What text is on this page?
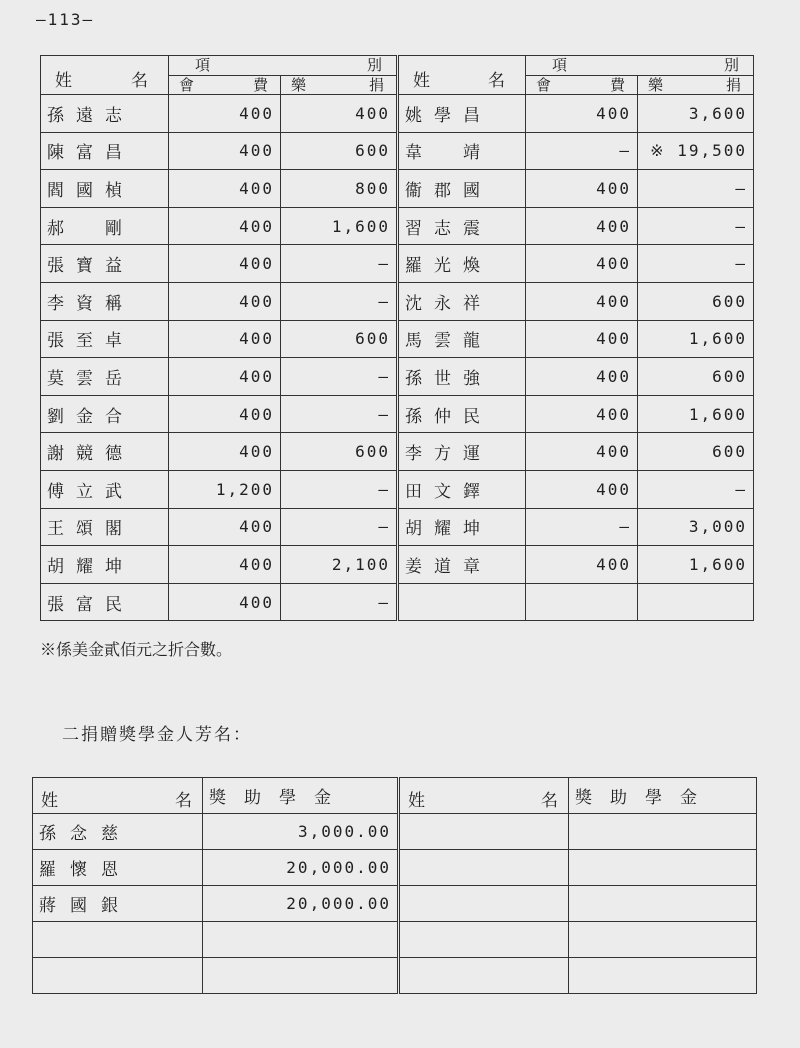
—113—
姓 名	項 別		姓 名	項 別	

	會 費	樂 捐		會 費	樂 捐

孫遠志	400	400	姚學昌	400	3,600
陳富昌	400	600	韋　靖	—	※ 19,500
閻國楨	400	800	衞郡國	400	—
郝　剛	400	1,600	習志震	400	—
張寶益	400	—	羅光煥	400	—
李資稱	400	—	沈永祥	400	600
張至卓	400	600	馬雲龍	400	1,600
莫雲岳	400	—	孫世強	400	600
劉金合	400	—	孫仲民	400	1,600
謝競德	400	600	李方運	400	600
傅立武	1,200	—	田文鐸	400	—
王頌閣	400	—	胡耀坤	—	3,000
胡耀坤	400	2,100	姜道章	400	1,600
張富民	400	—			
※係美金貳佰元之折合數。
二捐贈獎學金人芳名：
姓 名	獎助學金	姓 名	獎助學金
孫念慈	3,000.00		
羅懷恩	20,000.00		
蔣國銀	20,000.00		
